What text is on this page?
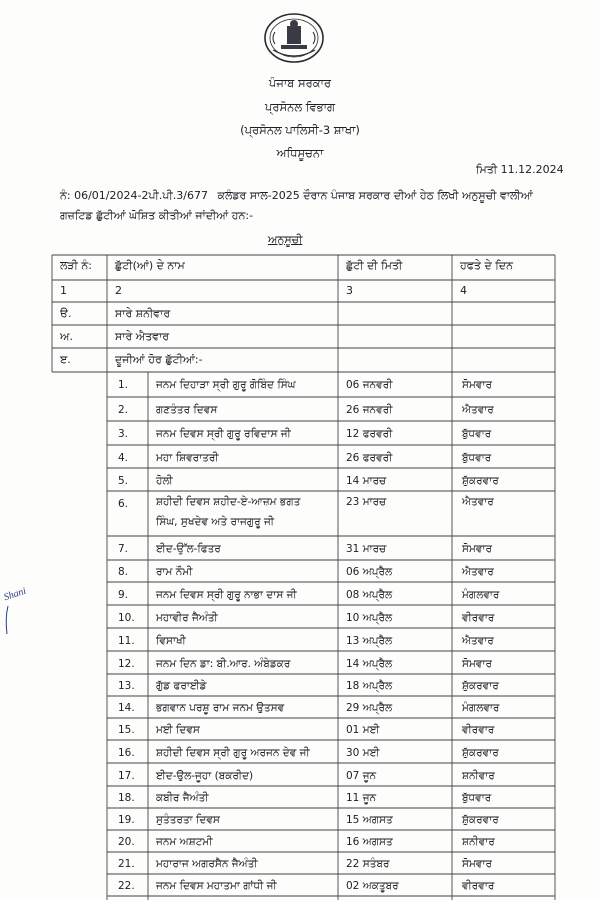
ਪੰਜਾਬ ਸਰਕਾਰ
ਪ੍ਰਸੋਨਲ ਵਿਭਾਗ
(ਪ੍ਰਸੋਨਲ ਪਾਲਿਸੀ-3 ਸ਼ਾਖਾ)
ਅਧਿਸੂਚਨਾ
ਮਿਤੀ 11.12.2024
ਨੰ: 06/01/2024-2ਪੀ.ਪੀ.3/677 ਕਲੰਡਰ ਸਾਲ-2025 ਦੌਰਾਨ ਪੰਜਾਬ ਸਰਕਾਰ ਦੀਆਂ ਹੇਠ ਲਿਖੀ ਅਨੁਸੂਚੀ ਵਾਲੀਆਂ
ਗਜ਼ਟਿਡ ਛੁੱਟੀਆਂ ਘੋਸ਼ਿਤ ਕੀਤੀਆਂ ਜਾਂਦੀਆਂ ਹਨ:-
ਅਨੁਸੂਚੀ
Shani
ਲੜੀ ਨੰ: ਛੁੱਟੀ(ਆਂ) ਦੇ ਨਾਮ	ਛੁੱਟੀ ਦੀ ਮਿਤੀ	ਹਫਤੇ ਦੇ ਦਿਨ
1	2	3	4
ੳ.	ਸਾਰੇ ਸ਼ਨੀਵਾਰ
ਅ.	ਸਾਰੇ ਐਤਵਾਰ
ੲ.	ਦੂਜੀਆਂ ਹੋਰ ਛੁੱਟੀਆਂ:-
1.	ਜਨਮ ਦਿਹਾੜਾ ਸ੍ਰੀ ਗੁਰੂ ਗੋਬਿੰਦ ਸਿੰਘ	06 ਜਨਵਰੀ	ਸੋਮਵਾਰ
2.	ਗਣਤੰਤਰ ਦਿਵਸ	26 ਜਨਵਰੀ	ਐਤਵਾਰ
3.	ਜਨਮ ਦਿਵਸ ਸ੍ਰੀ ਗੁਰੂ ਰਵਿਦਾਸ ਜੀ	12 ਫਰਵਰੀ	ਬੁੱਧਵਾਰ
4.	ਮਹਾ ਸ਼ਿਵਰਾਤਰੀ	26 ਫਰਵਰੀ	ਬੁੱਧਵਾਰ
5.	ਹੋਲੀ	14 ਮਾਰਚ	ਸ਼ੁੱਕਰਵਾਰ
6.	ਸ਼ਹੀਦੀ ਦਿਵਸ ਸ਼ਹੀਦ-ਏ-ਆਜ਼ਮ ਭਗਤ
ਸਿੰਘ, ਸੁਖਦੇਵ ਅਤੇ ਰਾਜਗੁਰੂ ਜੀ
23 ਮਾਰਚ	ਐਤਵਾਰ
7.	ਈਦ-ਉੱਲ-ਫਿਤਰ	31 ਮਾਰਚ	ਸੋਮਵਾਰ
8.	ਰਾਮ ਨੌਮੀ	06 ਅਪ੍ਰੈਲ	ਐਤਵਾਰ
9.	ਜਨਮ ਦਿਵਸ ਸ੍ਰੀ ਗੁਰੂ ਨਾਭਾ ਦਾਸ ਜੀ	08 ਅਪ੍ਰੈਲ	ਮੰਗਲਵਾਰ
10. ਮਹਾਵੀਰ ਜੈਅੰਤੀ	10 ਅਪ੍ਰੈਲ	ਵੀਰਵਾਰ
11. ਵਿਸਾਖੀ	13 ਅਪ੍ਰੈਲ	ਐਤਵਾਰ
12. ਜਨਮ ਦਿਨ ਡਾ: ਬੀ.ਆਰ. ਅੰਬੇਡਕਰ	14 ਅਪ੍ਰੈਲ	ਸੋਮਵਾਰ
13. ਗੁੱਡ ਫਰਾਈਡੇ	18 ਅਪ੍ਰੈਲ	ਸ਼ੁੱਕਰਵਾਰ
14. ਭਗਵਾਨ ਪਰਸ਼ੂ ਰਾਮ ਜਨਮ ਉਤਸਵ	29 ਅਪ੍ਰੈਲ	ਮੰਗਲਵਾਰ
15. ਮਈ ਦਿਵਸ	01 ਮਈ	ਵੀਰਵਾਰ
16. ਸ਼ਹੀਦੀ ਦਿਵਸ ਸ੍ਰੀ ਗੁਰੂ ਅਰਜਨ ਦੇਵ ਜੀ	30 ਮਈ	ਸ਼ੁੱਕਰਵਾਰ
17. ਈਦ-ਉਲ-ਜੂਹਾ (ਬਕਰੀਦ)	07 ਜੂਨ	ਸ਼ਨੀਵਾਰ
18. ਕਬੀਰ ਜੈਅੰਤੀ	11 ਜੂਨ	ਬੁੱਧਵਾਰ
19. ਸੁਤੰਤਰਤਾ ਦਿਵਸ	15 ਅਗਸਤ	ਸ਼ੁੱਕਰਵਾਰ
20. ਜਨਮ ਅਸ਼ਟਮੀ	16 ਅਗਸਤ	ਸ਼ਨੀਵਾਰ
21. ਮਹਾਰਾਜ ਅਗਰਸੈਨ ਜੈਅੰਤੀ	22 ਸਤੰਬਰ	ਸੋਮਵਾਰ
22. ਜਨਮ ਦਿਵਸ ਮਹਾਤਮਾ ਗਾਂਧੀ ਜੀ	02 ਅਕਤੂਬਰ	ਵੀਰਵਾਰ
